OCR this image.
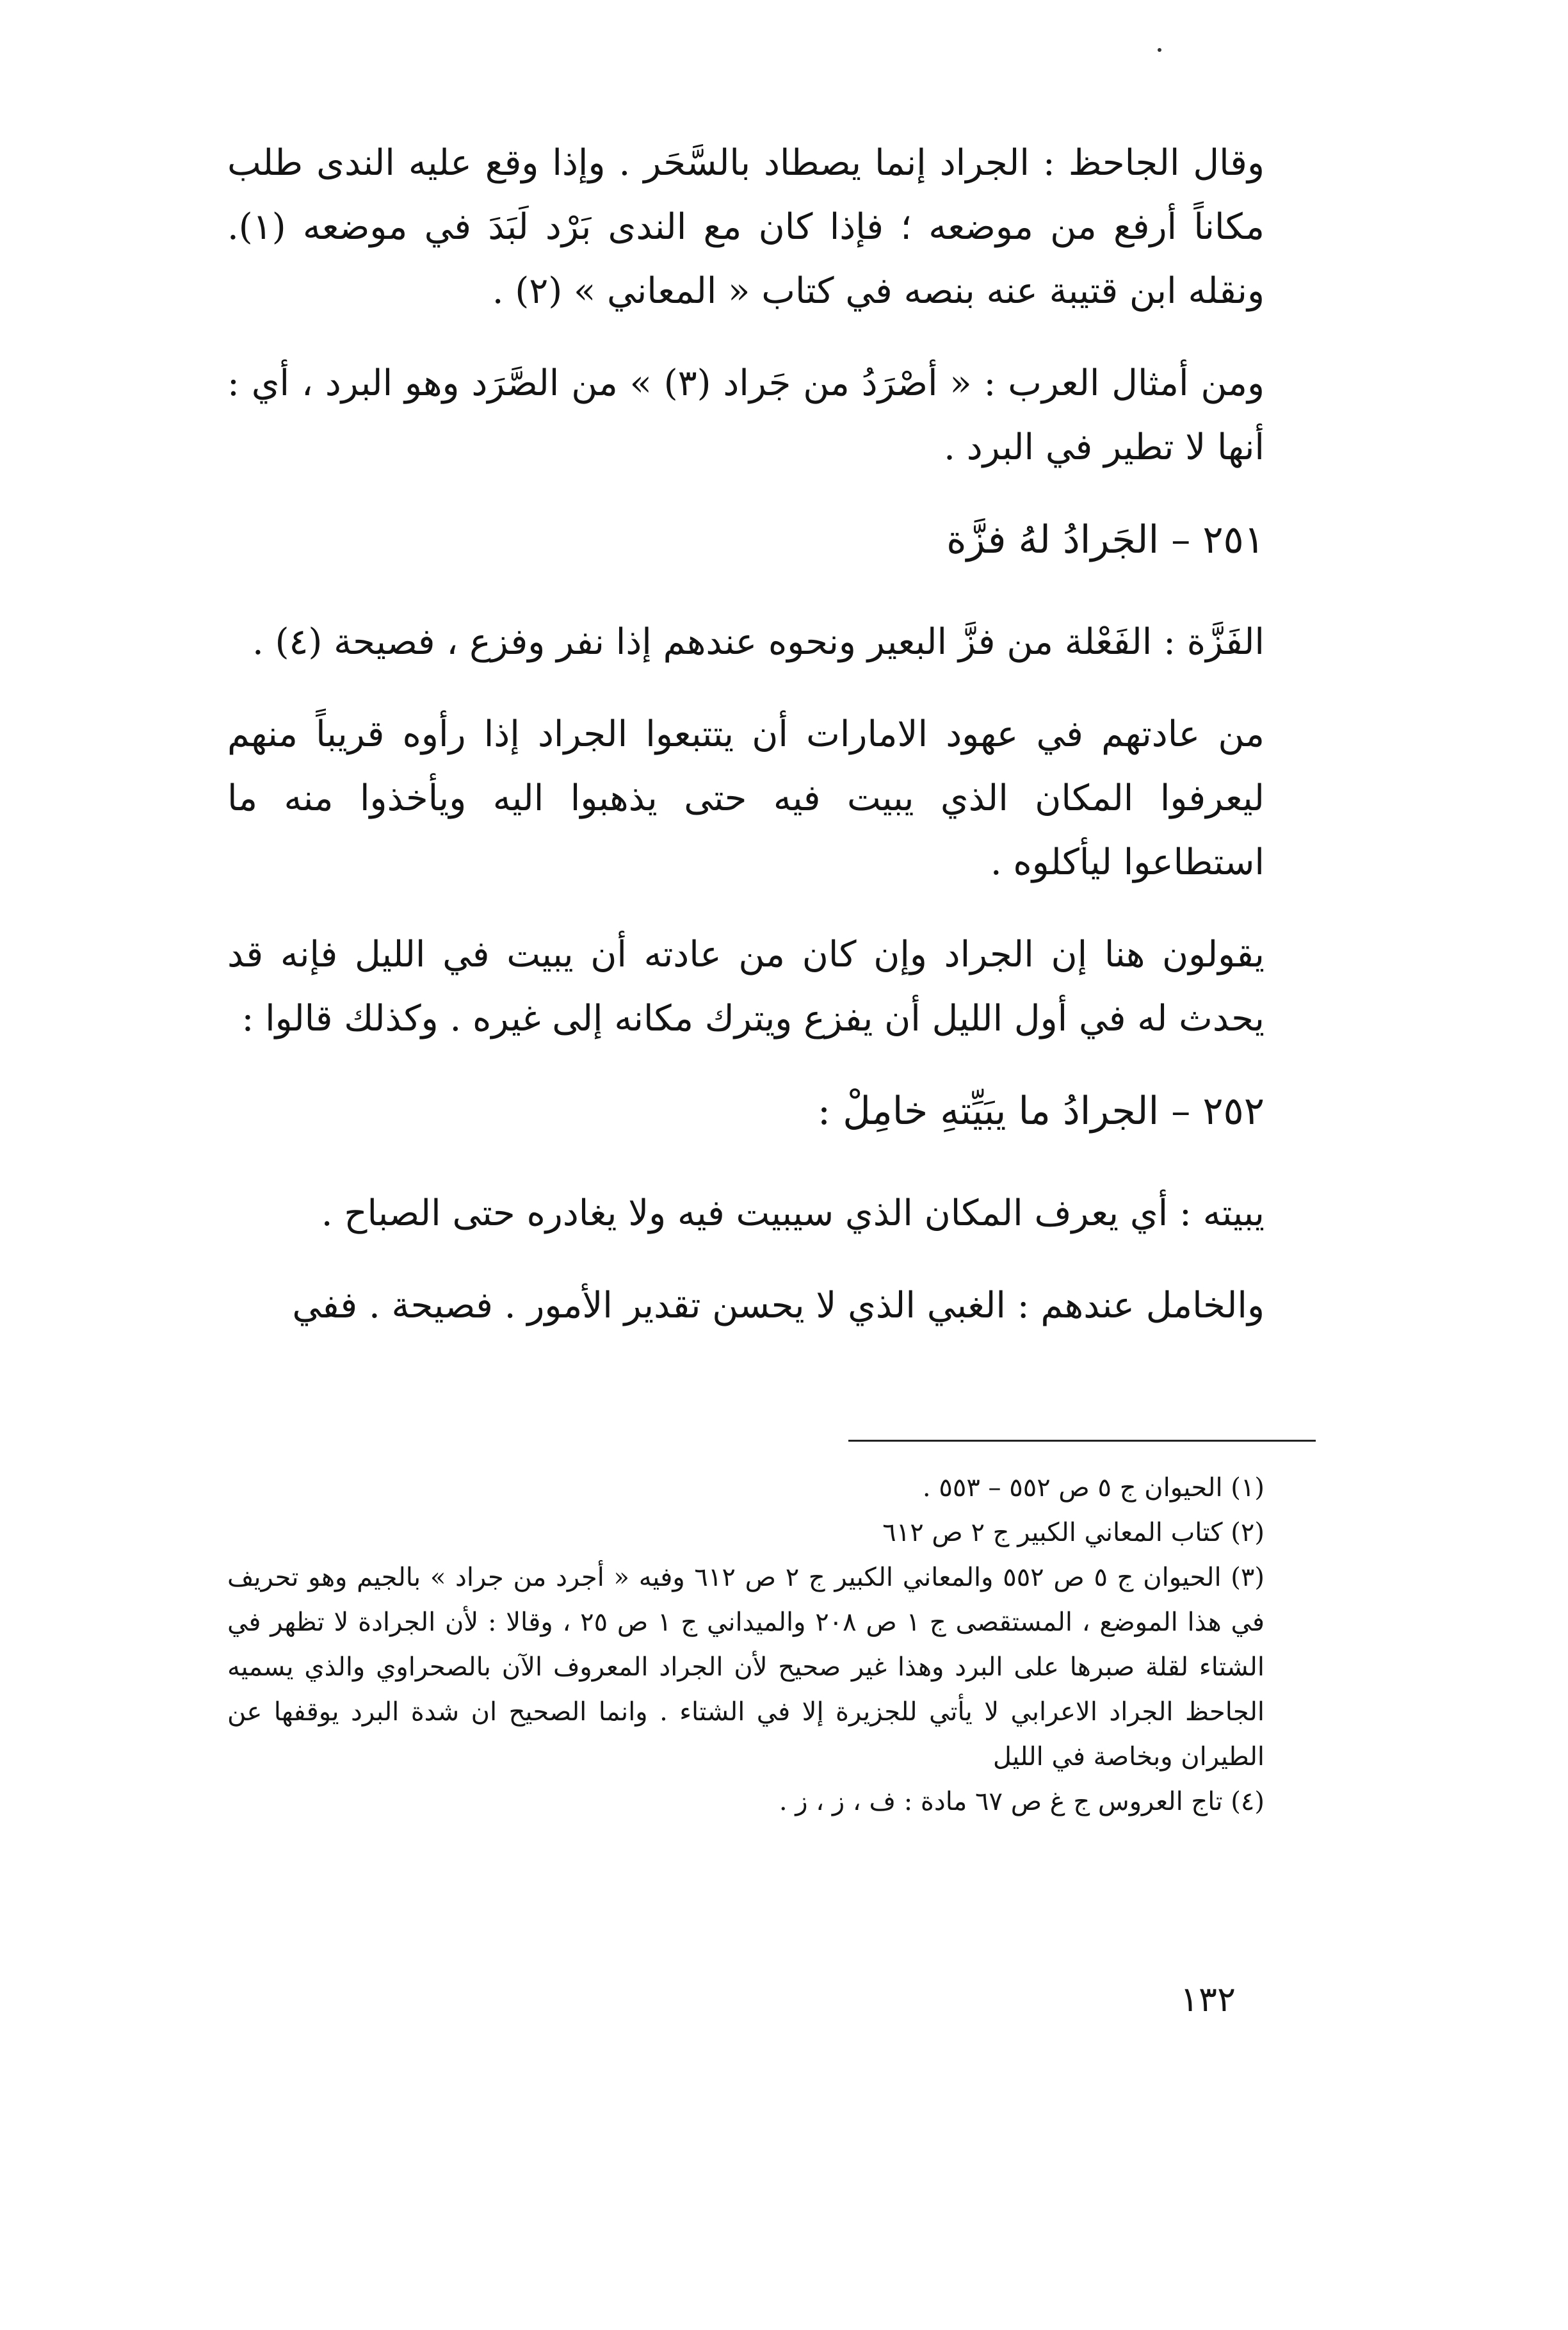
وقال الجاحظ : الجراد إنما يصطاد بالسَّحَر . وإذا وقع عليه الندى طلب مكاناً أرفع من موضعه ؛ فإذا كان مع الندى بَرْد لَبَدَ في موضعه (١). ونقله ابن قتيبة عنه بنصه في كتاب « المعاني » (٢) .

ومن أمثال العرب : « أصْرَدُ من جَراد (٣) » من الصَّرَد وهو البرد ، أي : أنها لا تطير في البرد .

٢٥١ – الجَرادُ لهُ فزَّة

الفَزَّة : الفَعْلة من فزَّ البعير ونحوه عندهم إذا نفر وفزع ، فصيحة (٤) .

من عادتهم في عهود الامارات أن يتتبعوا الجراد إذا رأوه قريباً منهم ليعرفوا المكان الذي يبيت فيه حتى يذهبوا اليه ويأخذوا منه ما استطاعوا ليأكلوه .

يقولون هنا إن الجراد وإن كان من عادته أن يبيت في الليل فإنه قد يحدث له في أول الليل أن يفزع ويترك مكانه إلى غيره . وكذلك قالوا :

٢٥٢ – الجرادُ ما يبَيِّتهِ خامِلْ :

يبيته : أي يعرف المكان الذي سيبيت فيه ولا يغادره حتى الصباح .

والخامل عندهم : الغبي الذي لا يحسن تقدير الأمور . فصيحة . ففي

(١) الحيوان ج ٥ ص ٥٥٢ – ٥٥٣ .

(٢) كتاب المعاني الكبير ج ٢ ص ٦١٢

(٣) الحيوان ج ٥ ص ٥٥٢ والمعاني الكبير ج ٢ ص ٦١٢ وفيه « أجرد من جراد » بالجيم وهو تحريف في هذا الموضع ، المستقصى ج ١ ص ٢٠٨ والميداني ج ١ ص ٢٥ ، وقالا : لأن الجرادة لا تظهر في الشتاء لقلة صبرها على البرد وهذا غير صحيح لأن الجراد المعروف الآن بالصحراوي والذي يسميه الجاحظ الجراد الاعرابي لا يأتي للجزيرة إلا في الشتاء . وانما الصحيح ان شدة البرد يوقفها عن الطيران وبخاصة في الليل

(٤) تاج العروس ج غ ص ٦٧ مادة : ف ، ز ، ز .

١٣٢
